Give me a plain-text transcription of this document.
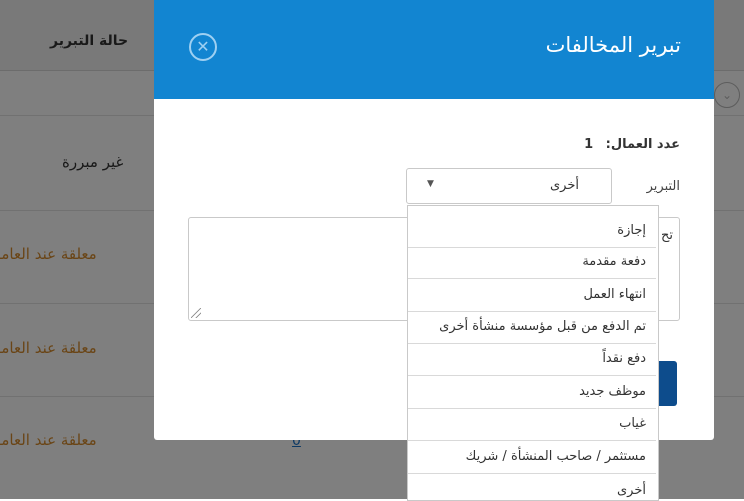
تبرير المخالفات
✕
عدد العمال: 1
التبرير
أخرى
▼
تح
إجازة
دفعة مقدمة
انتهاء العمل
تم الدفع من قبل مؤسسة منشأة أخرى
دفع نقداً
موظف جديد
غياب
مستثمر / صاحب المنشأة / شريك
أخرى
